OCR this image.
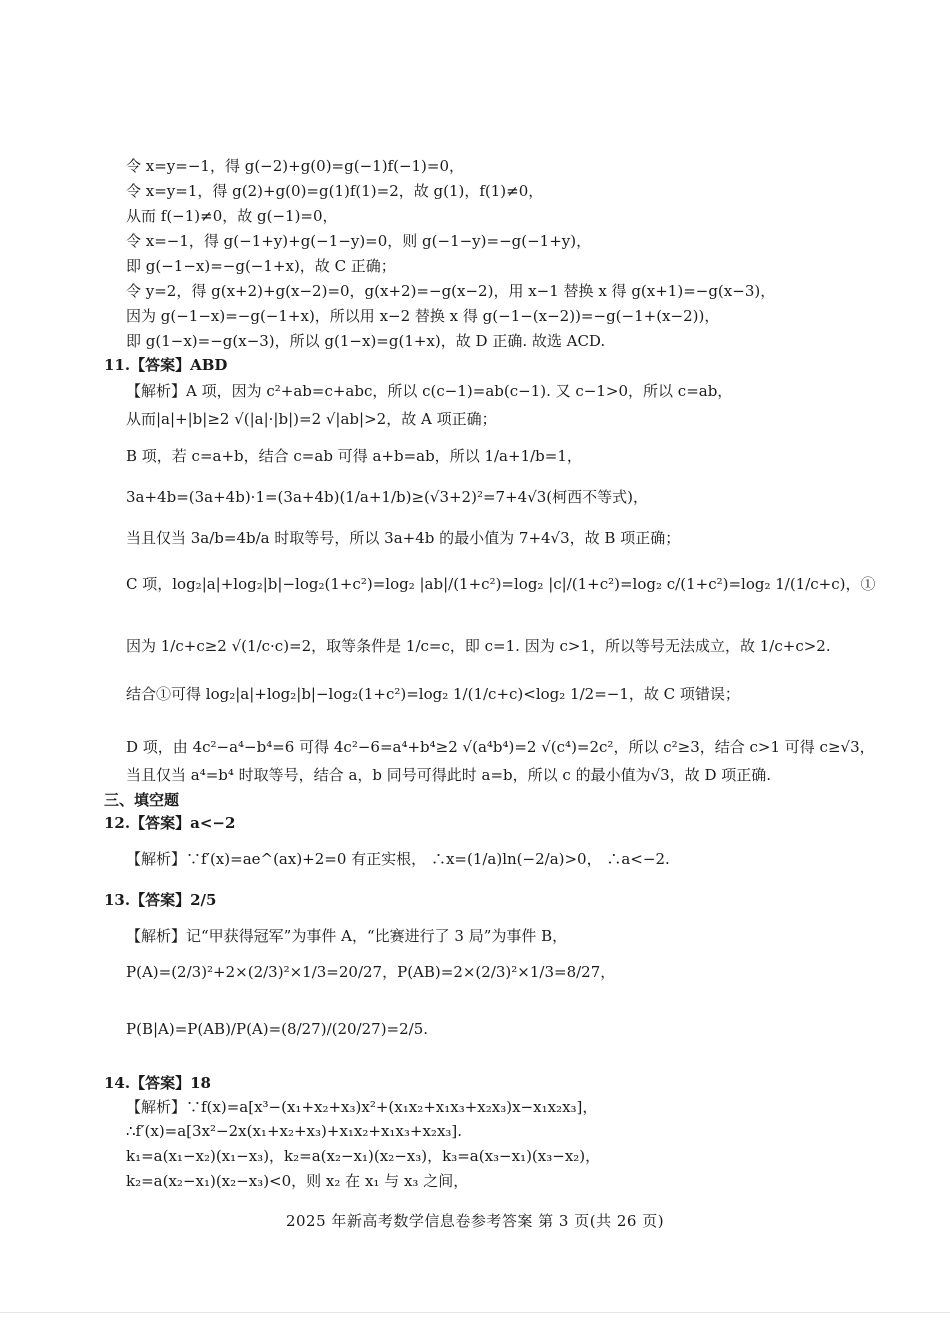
令 x=y=−1，得 g(−2)+g(0)=g(−1)f(−1)=0，
令 x=y=1，得 g(2)+g(0)=g(1)f(1)=2，故 g(1)，f(1)≠0，
从而 f(−1)≠0，故 g(−1)=0，
令 x=−1，得 g(−1+y)+g(−1−y)=0，则 g(−1−y)=−g(−1+y)，
即 g(−1−x)=−g(−1+x)，故 C 正确；
令 y=2，得 g(x+2)+g(x−2)=0，g(x+2)=−g(x−2)，用 x−1 替换 x 得 g(x+1)=−g(x−3)，
因为 g(−1−x)=−g(−1+x)，所以用 x−2 替换 x 得 g(−1−(x−2))=−g(−1+(x−2))，
即 g(1−x)=−g(x−3)，所以 g(1−x)=g(1+x)，故 D 正确. 故选 ACD.
11.【答案】ABD
【解析】A 项，因为 c²+ab=c+abc，所以 c(c−1)=ab(c−1). 又 c−1>0，所以 c=ab，
从而|a|+|b|≥2 √(|a|·|b|)=2 √|ab|>2，故 A 项正确；
B 项，若 c=a+b，结合 c=ab 可得 a+b=ab，所以 1/a+1/b=1，
3a+4b=(3a+4b)·1=(3a+4b)(1/a+1/b)≥(√3+2)²=7+4√3(柯西不等式)，
当且仅当 3a/b=4b/a 时取等号，所以 3a+4b 的最小值为 7+4√3，故 B 项正确；
C 项，log₂|a|+log₂|b|−log₂(1+c²)=log₂ |ab|/(1+c²)=log₂ |c|/(1+c²)=log₂ c/(1+c²)=log₂ 1/(1/c+c)，①
因为 1/c+c≥2 √(1/c·c)=2，取等条件是 1/c=c，即 c=1. 因为 c>1，所以等号无法成立，故 1/c+c>2.
结合①可得 log₂|a|+log₂|b|−log₂(1+c²)=log₂ 1/(1/c+c)<log₂ 1/2=−1，故 C 项错误；
D 项，由 4c²−a⁴−b⁴=6 可得 4c²−6=a⁴+b⁴≥2 √(a⁴b⁴)=2 √(c⁴)=2c²，所以 c²≥3，结合 c>1 可得 c≥√3，
当且仅当 a⁴=b⁴ 时取等号，结合 a，b 同号可得此时 a=b，所以 c 的最小值为√3，故 D 项正确.
三、填空题
12.【答案】a<−2
【解析】∵f′(x)=ae^(ax)+2=0 有正实根， ∴x=(1/a)ln(−2/a)>0， ∴a<−2.
13.【答案】2/5
【解析】记“甲获得冠军”为事件 A，“比赛进行了 3 局”为事件 B，
P(A)=(2/3)²+2×(2/3)²×1/3=20/27，P(AB)=2×(2/3)²×1/3=8/27，
P(B|A)=P(AB)/P(A)=(8/27)/(20/27)=2/5.
14.【答案】18
【解析】∵f(x)=a[x³−(x₁+x₂+x₃)x²+(x₁x₂+x₁x₃+x₂x₃)x−x₁x₂x₃]，
∴f′(x)=a[3x²−2x(x₁+x₂+x₃)+x₁x₂+x₁x₃+x₂x₃].
k₁=a(x₁−x₂)(x₁−x₃)，k₂=a(x₂−x₁)(x₂−x₃)，k₃=a(x₃−x₁)(x₃−x₂)，
k₂=a(x₂−x₁)(x₂−x₃)<0，则 x₂ 在 x₁ 与 x₃ 之间，
2025 年新高考数学信息卷参考答案 第 3 页(共 26 页)
